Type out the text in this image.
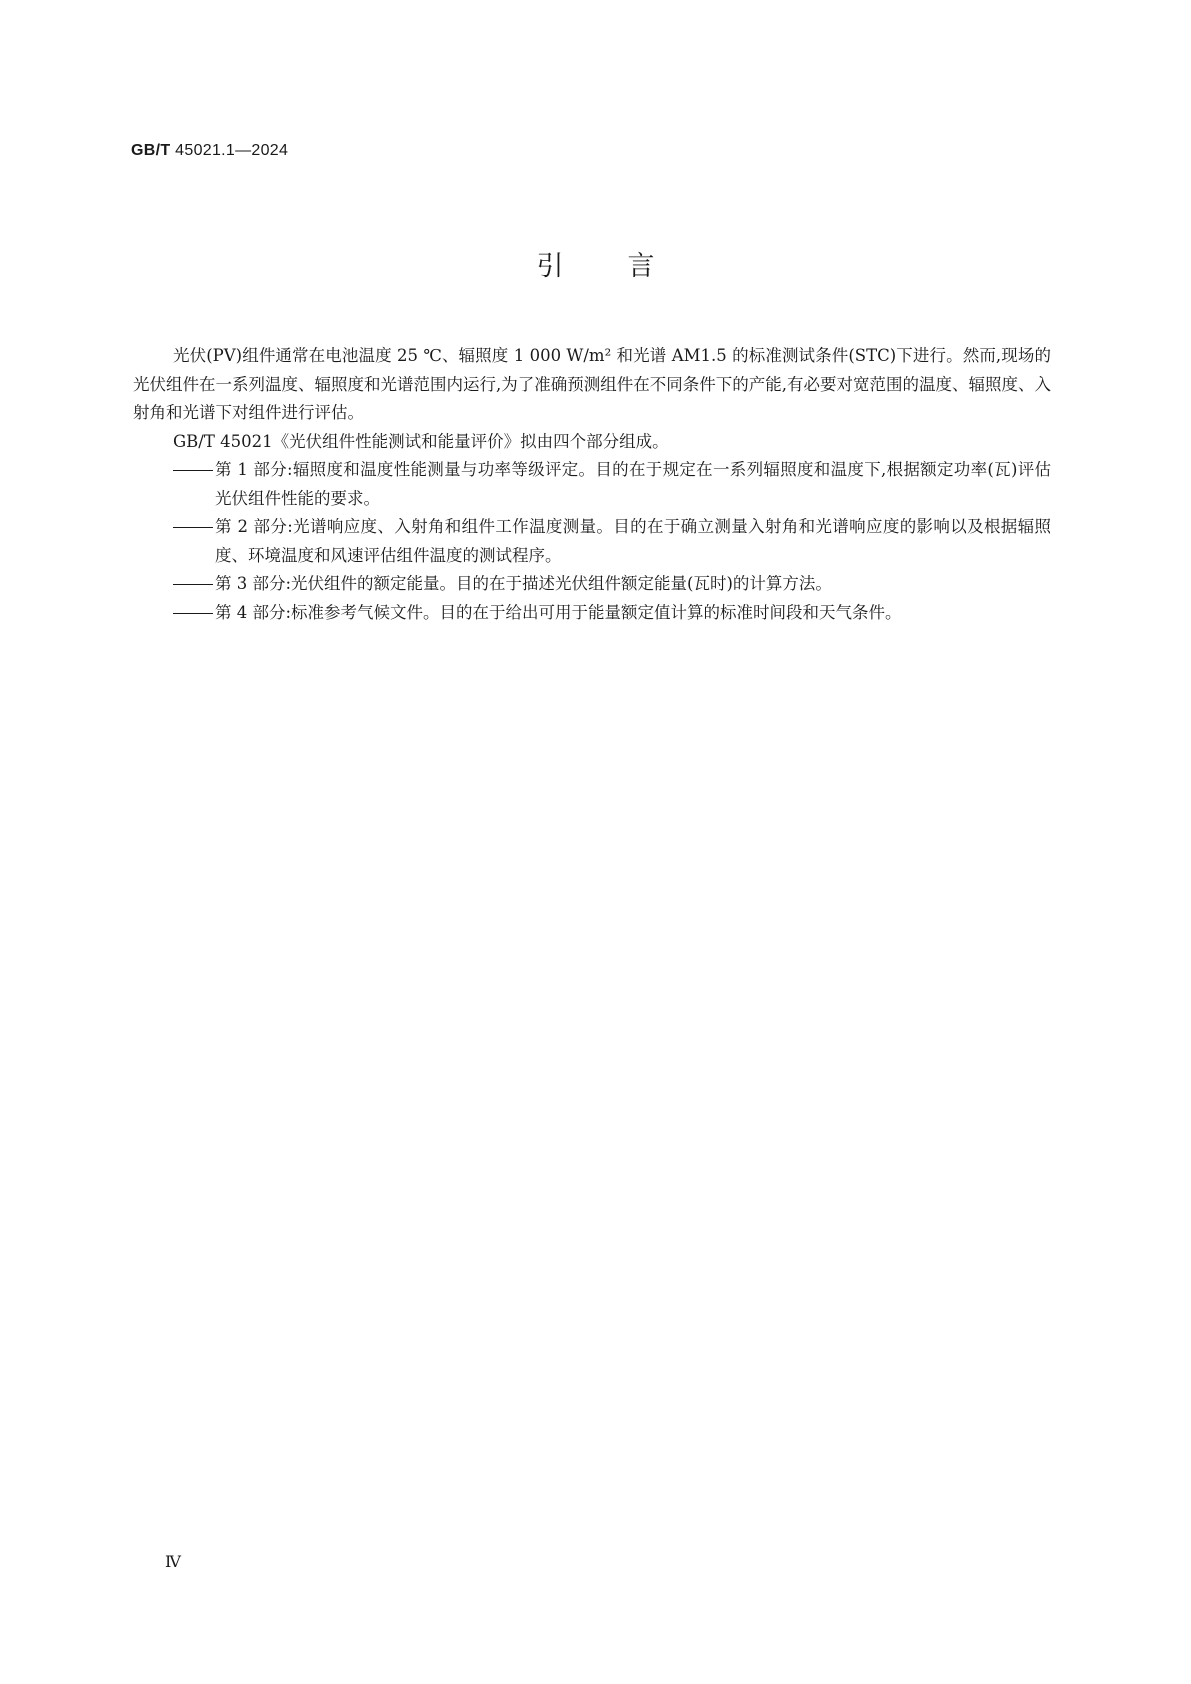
GB/T 45021.1—2024
引言

光伏(PV)组件通常在电池温度 25 ℃、辐照度 1 000 W/m² 和光谱 AM1.5 的标准测试条件(STC)下进行。然而,现场的光伏组件在一系列温度、辐照度和光谱范围内运行,为了准确预测组件在不同条件下的产能,有必要对宽范围的温度、辐照度、入射角和光谱下对组件进行评估。

GB/T 45021《光伏组件性能测试和能量评价》拟由四个部分组成。

第 1 部分:辐照度和温度性能测量与功率等级评定。目的在于规定在一系列辐照度和温度下,根据额定功率(瓦)评估光伏组件性能的要求。
第 2 部分:光谱响应度、入射角和组件工作温度测量。目的在于确立测量入射角和光谱响应度的影响以及根据辐照度、环境温度和风速评估组件温度的测试程序。
第 3 部分:光伏组件的额定能量。目的在于描述光伏组件额定能量(瓦时)的计算方法。
第 4 部分:标准参考气候文件。目的在于给出可用于能量额定值计算的标准时间段和天气条件。
Ⅳ
